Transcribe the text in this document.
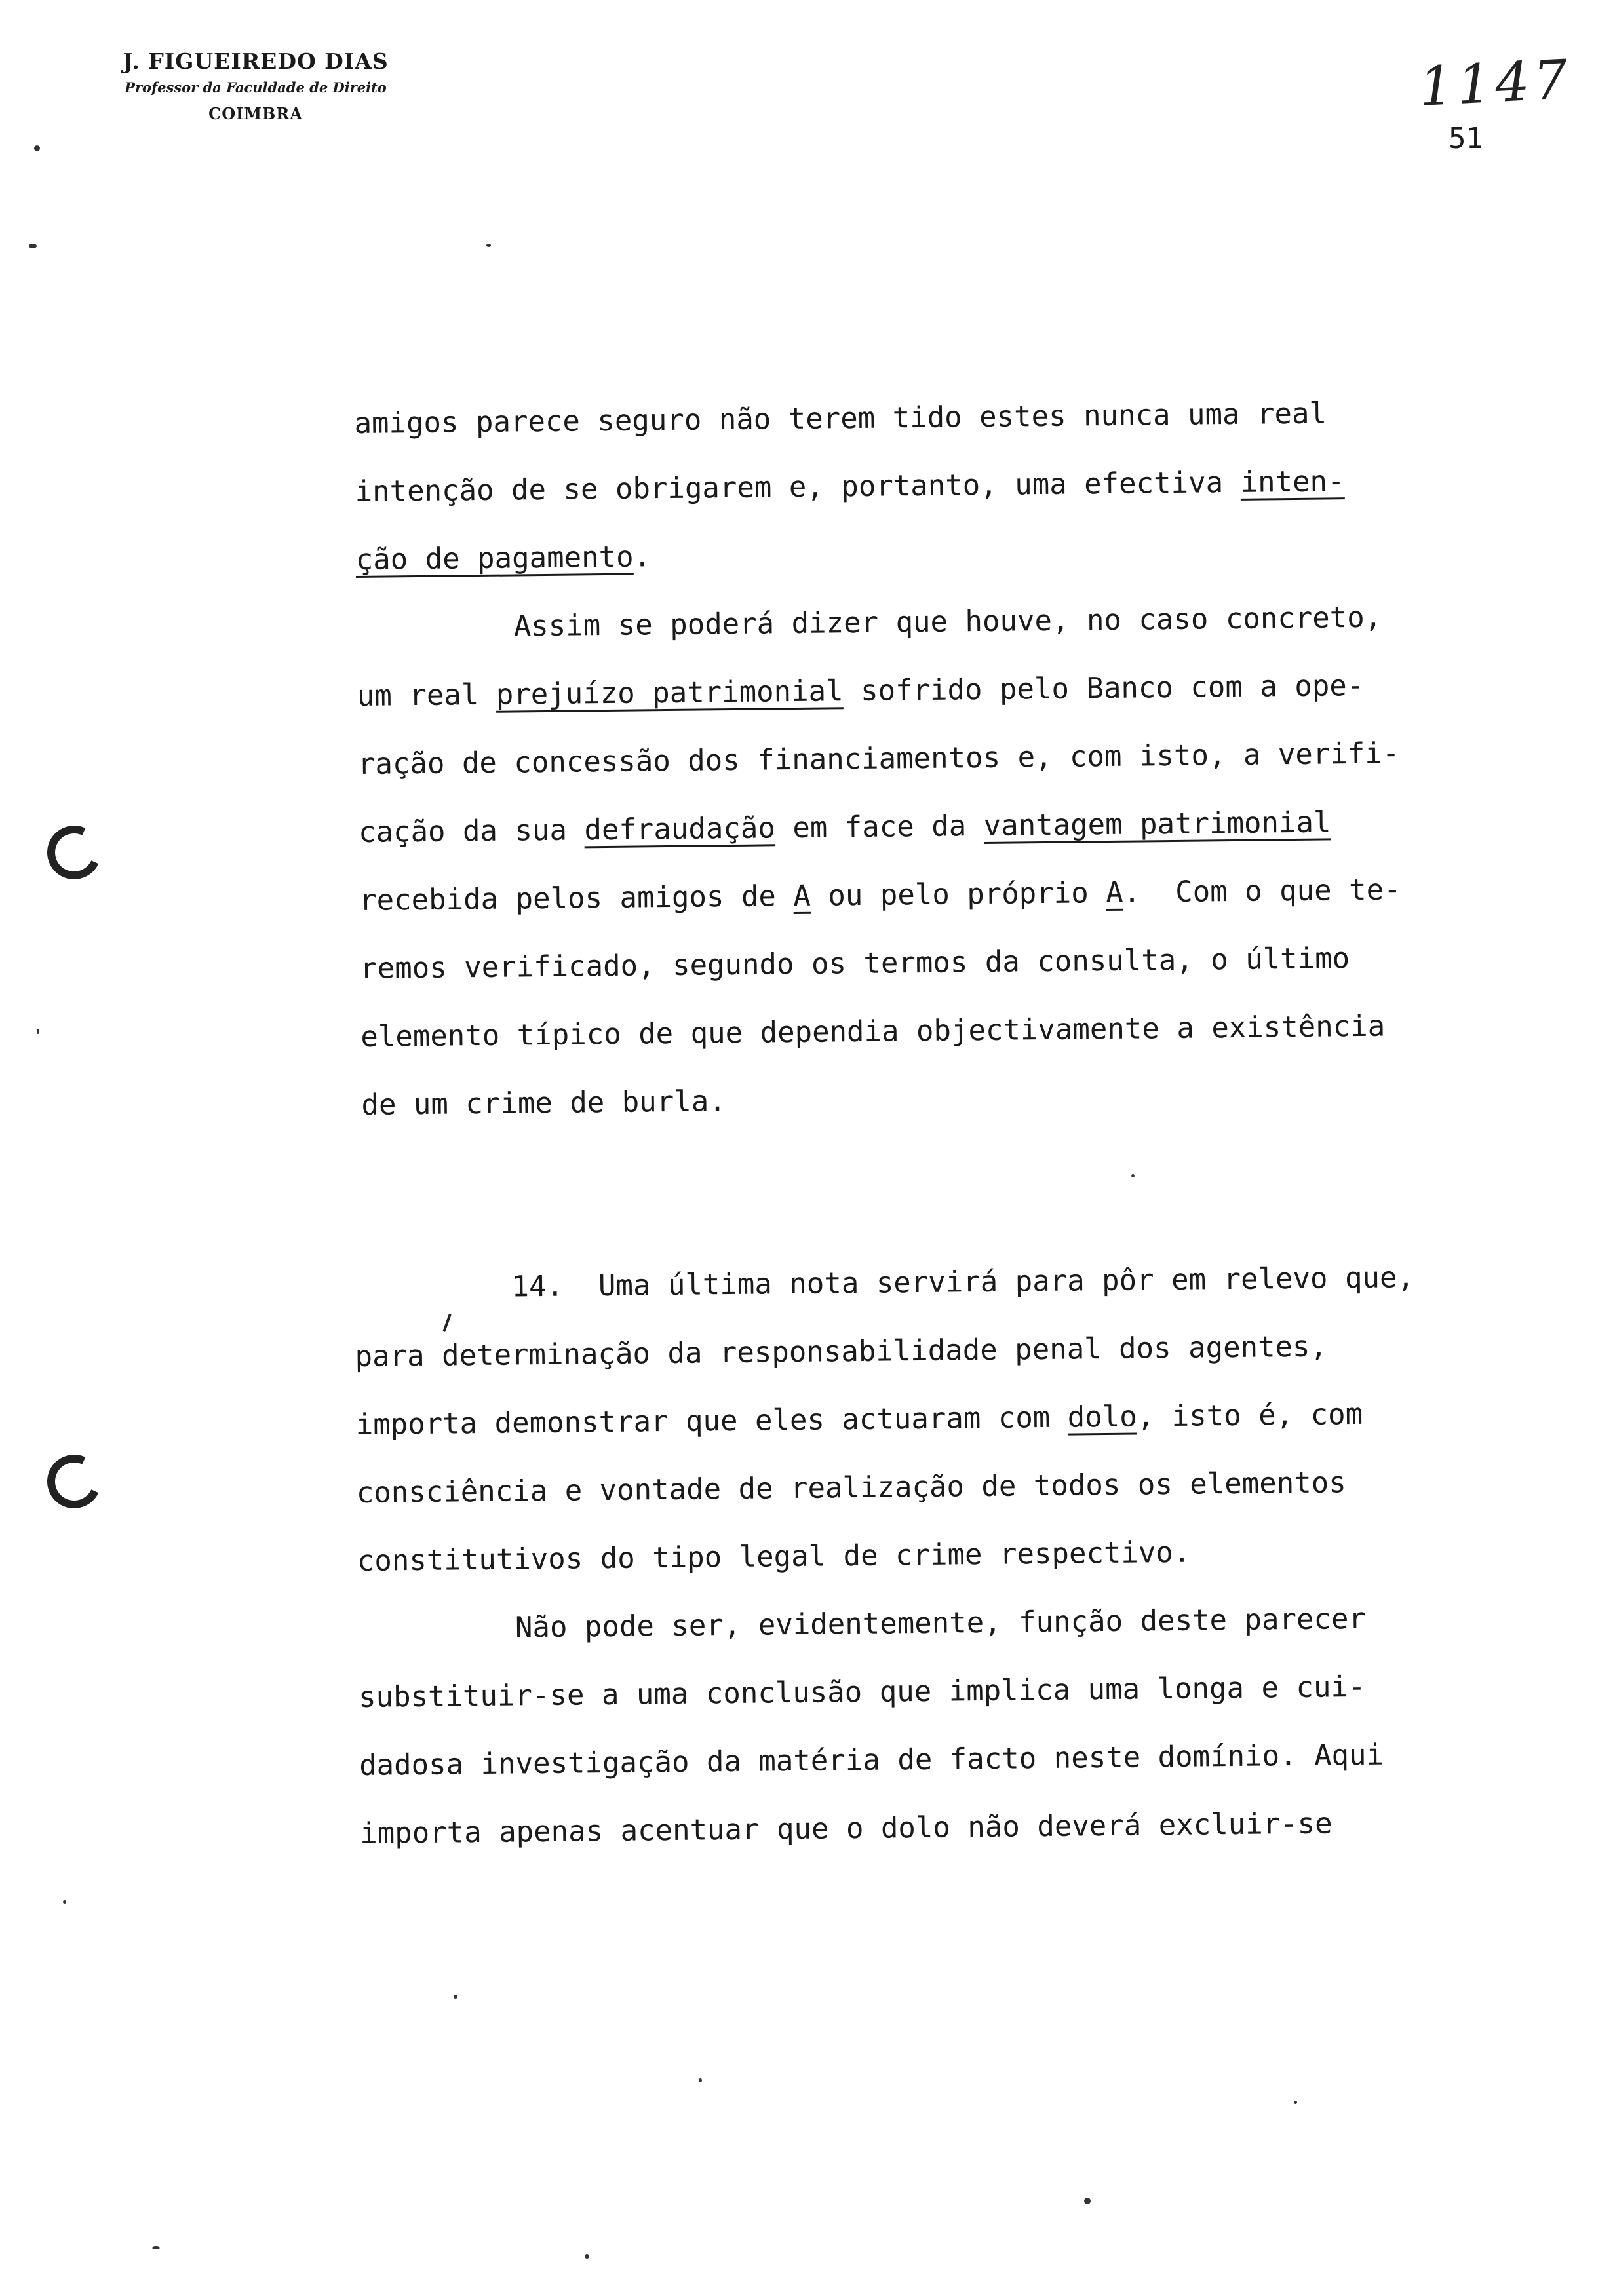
J. FIGUEIREDO DIAS
Professor da Faculdade de Direito
COIMBRA	1147
51
amigos parece seguro não terem tido estes nunca uma real
intenção de se obrigarem e, portanto, uma efectiva inten-
ção de pagamento.
Assim se poderá dizer que houve, no caso concreto,
um real prejuízo patrimonial sofrido pelo Banco com a ope-
ração de concessão dos financiamentos e, com isto, a verifi-
cação da sua defraudação em face da vantagem patrimonial
recebida pelos amigos de A ou pelo próprio A.  Com o que te-
remos verificado, segundo os termos da consulta, o último
elemento típico de que dependia objectivamente a existência
de um crime de burla.
14.  Uma última nota servirá para pôr em relevo que,
para determinação da responsabilidade penal dos agentes,
importa demonstrar que eles actuaram com dolo, isto é, com
consciência e vontade de realização de todos os elementos
constitutivos do tipo legal de crime respectivo.
Não pode ser, evidentemente, função deste parecer
substituir-se a uma conclusão que implica uma longa e cui-
dadosa investigação da matéria de facto neste domínio. Aqui
importa apenas acentuar que o dolo não deverá excluir-se
